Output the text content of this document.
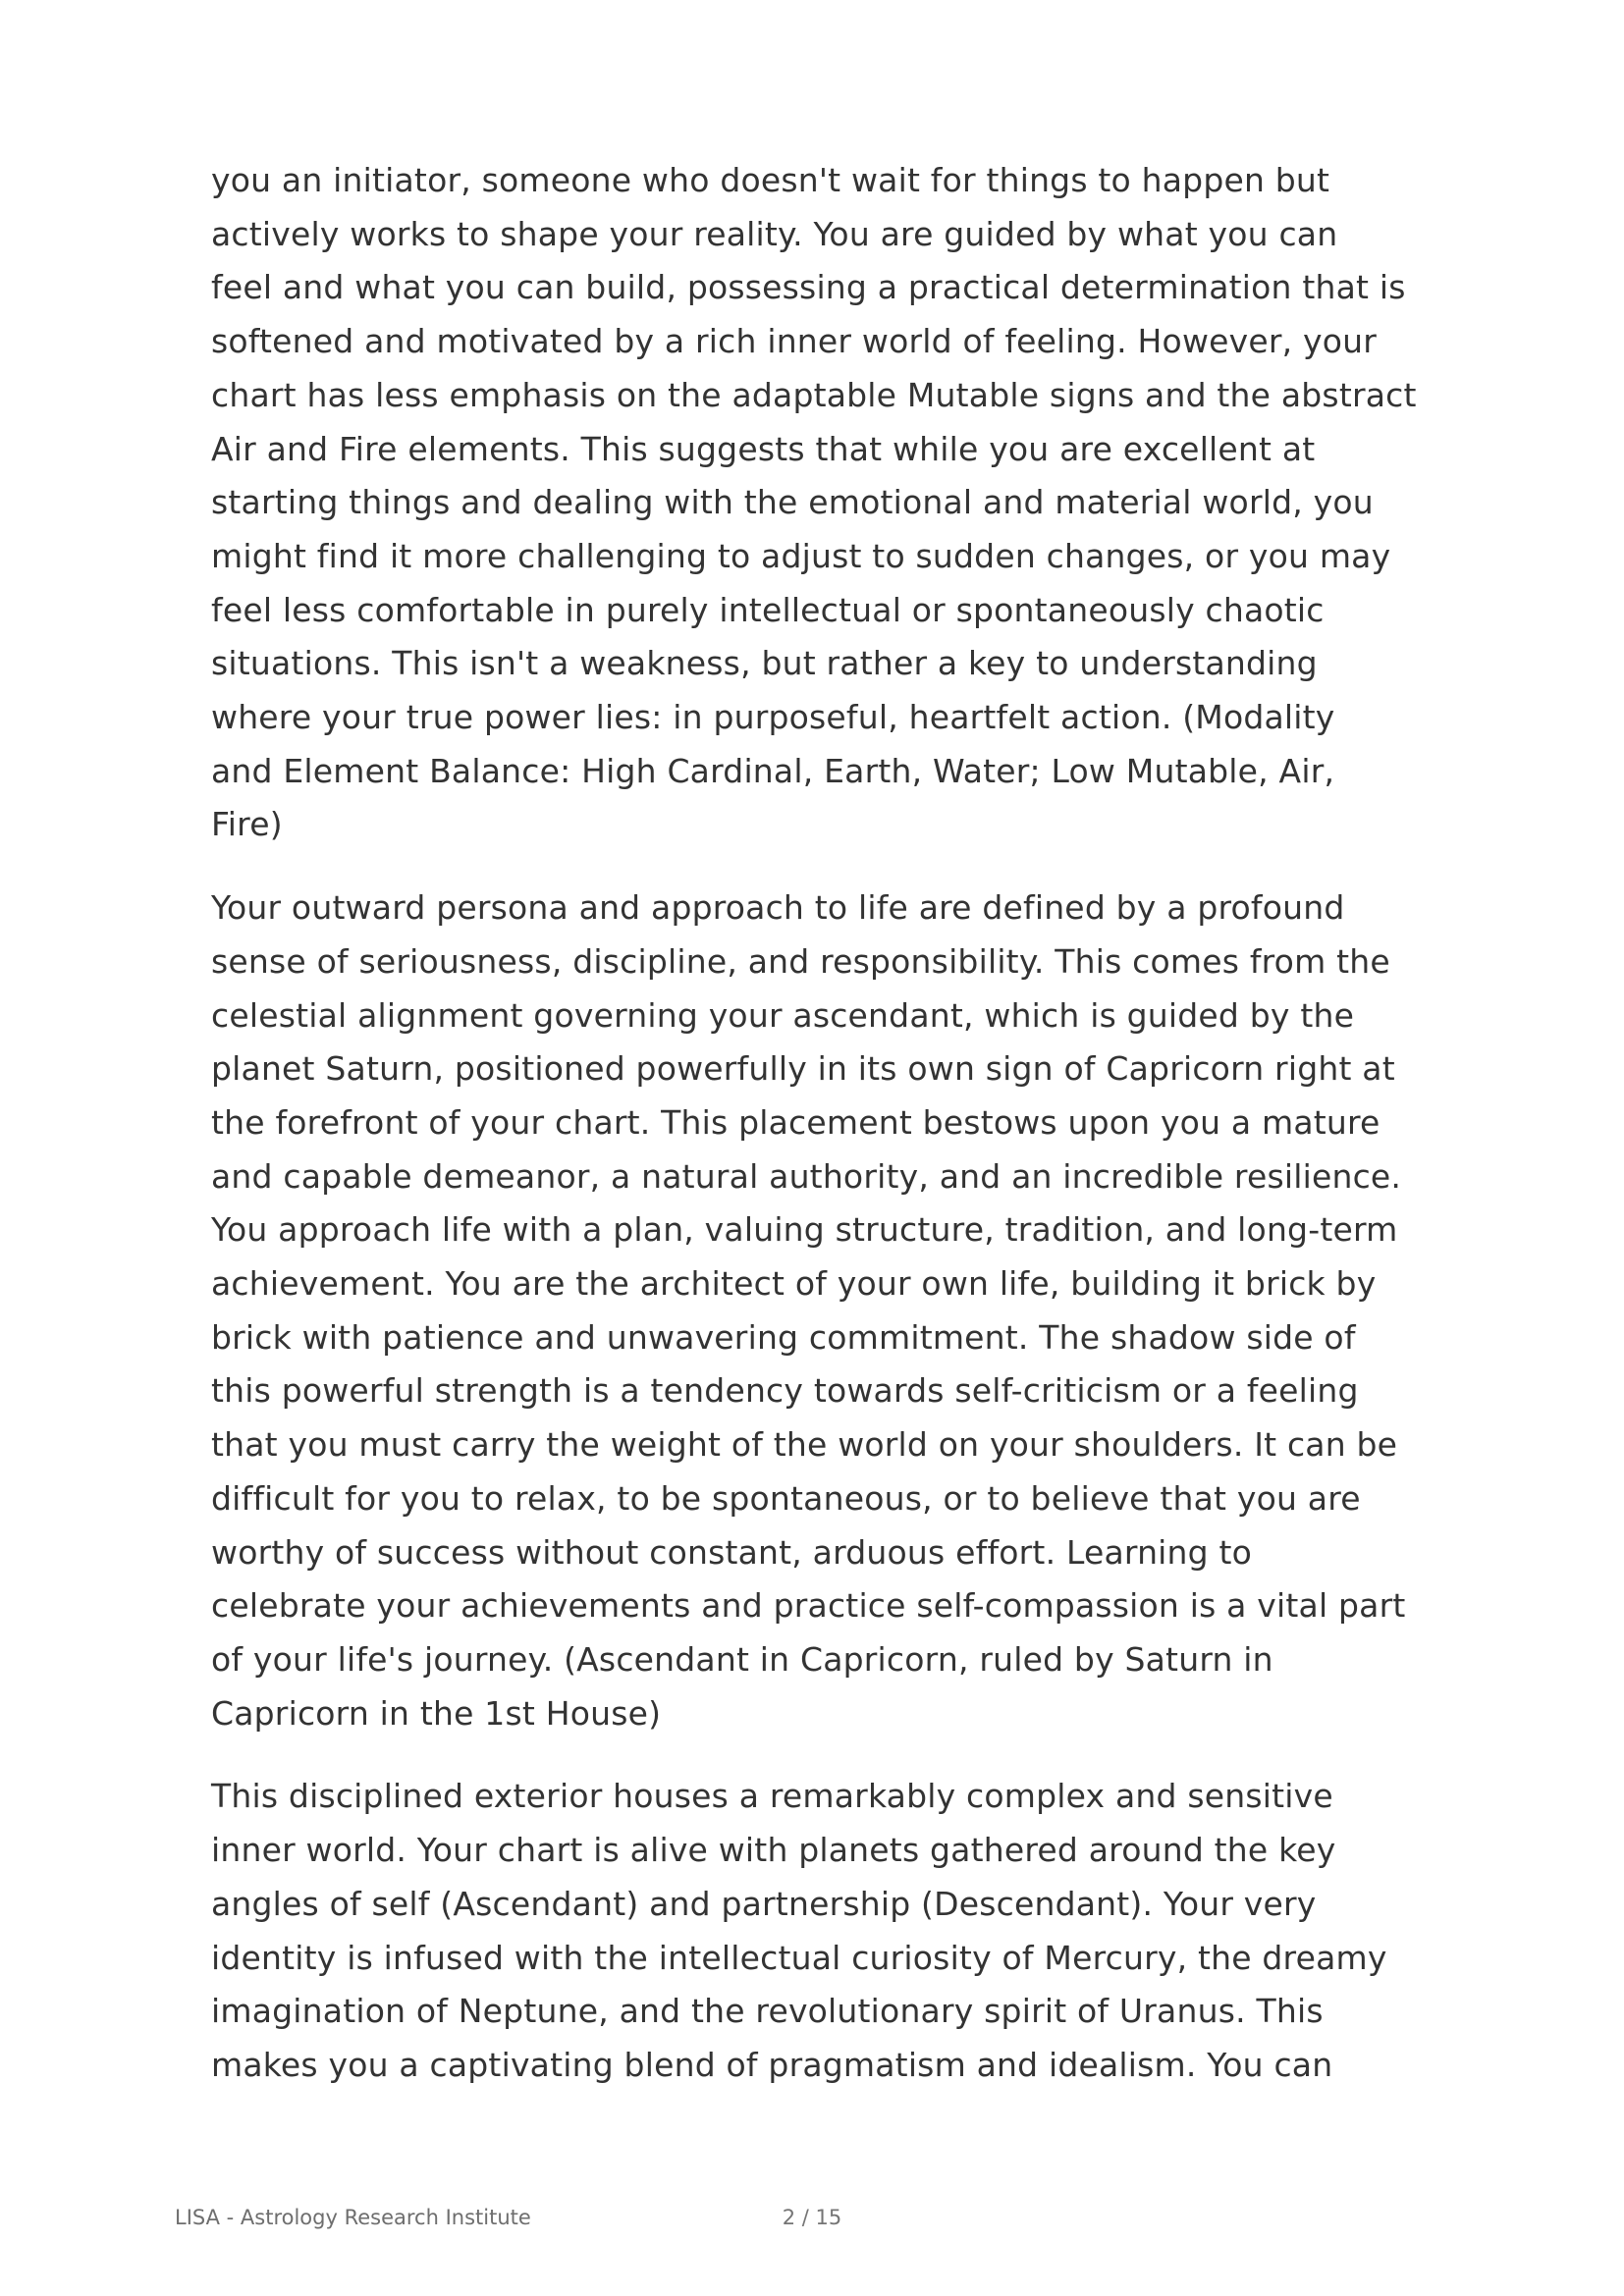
you an initiator, someone who doesn't wait for things to happen but
actively works to shape your reality. You are guided by what you can
feel and what you can build, possessing a practical determination that is
softened and motivated by a rich inner world of feeling. However, your
chart has less emphasis on the adaptable Mutable signs and the abstract
Air and Fire elements. This suggests that while you are excellent at
starting things and dealing with the emotional and material world, you
might find it more challenging to adjust to sudden changes, or you may
feel less comfortable in purely intellectual or spontaneously chaotic
situations. This isn't a weakness, but rather a key to understanding
where your true power lies: in purposeful, heartfelt action. (Modality
and Element Balance: High Cardinal, Earth, Water; Low Mutable, Air,
Fire)
Your outward persona and approach to life are defined by a profound
sense of seriousness, discipline, and responsibility. This comes from the
celestial alignment governing your ascendant, which is guided by the
planet Saturn, positioned powerfully in its own sign of Capricorn right at
the forefront of your chart. This placement bestows upon you a mature
and capable demeanor, a natural authority, and an incredible resilience.
You approach life with a plan, valuing structure, tradition, and long-term
achievement. You are the architect of your own life, building it brick by
brick with patience and unwavering commitment. The shadow side of
this powerful strength is a tendency towards self-criticism or a feeling
that you must carry the weight of the world on your shoulders. It can be
difficult for you to relax, to be spontaneous, or to believe that you are
worthy of success without constant, arduous effort. Learning to
celebrate your achievements and practice self-compassion is a vital part
of your life's journey. (Ascendant in Capricorn, ruled by Saturn in
Capricorn in the 1st House)
This disciplined exterior houses a remarkably complex and sensitive
inner world. Your chart is alive with planets gathered around the key
angles of self (Ascendant) and partnership (Descendant). Your very
identity is infused with the intellectual curiosity of Mercury, the dreamy
imagination of Neptune, and the revolutionary spirit of Uranus. This
makes you a captivating blend of pragmatism and idealism. You can
LISA - Astrology Research Institute	2 / 15
